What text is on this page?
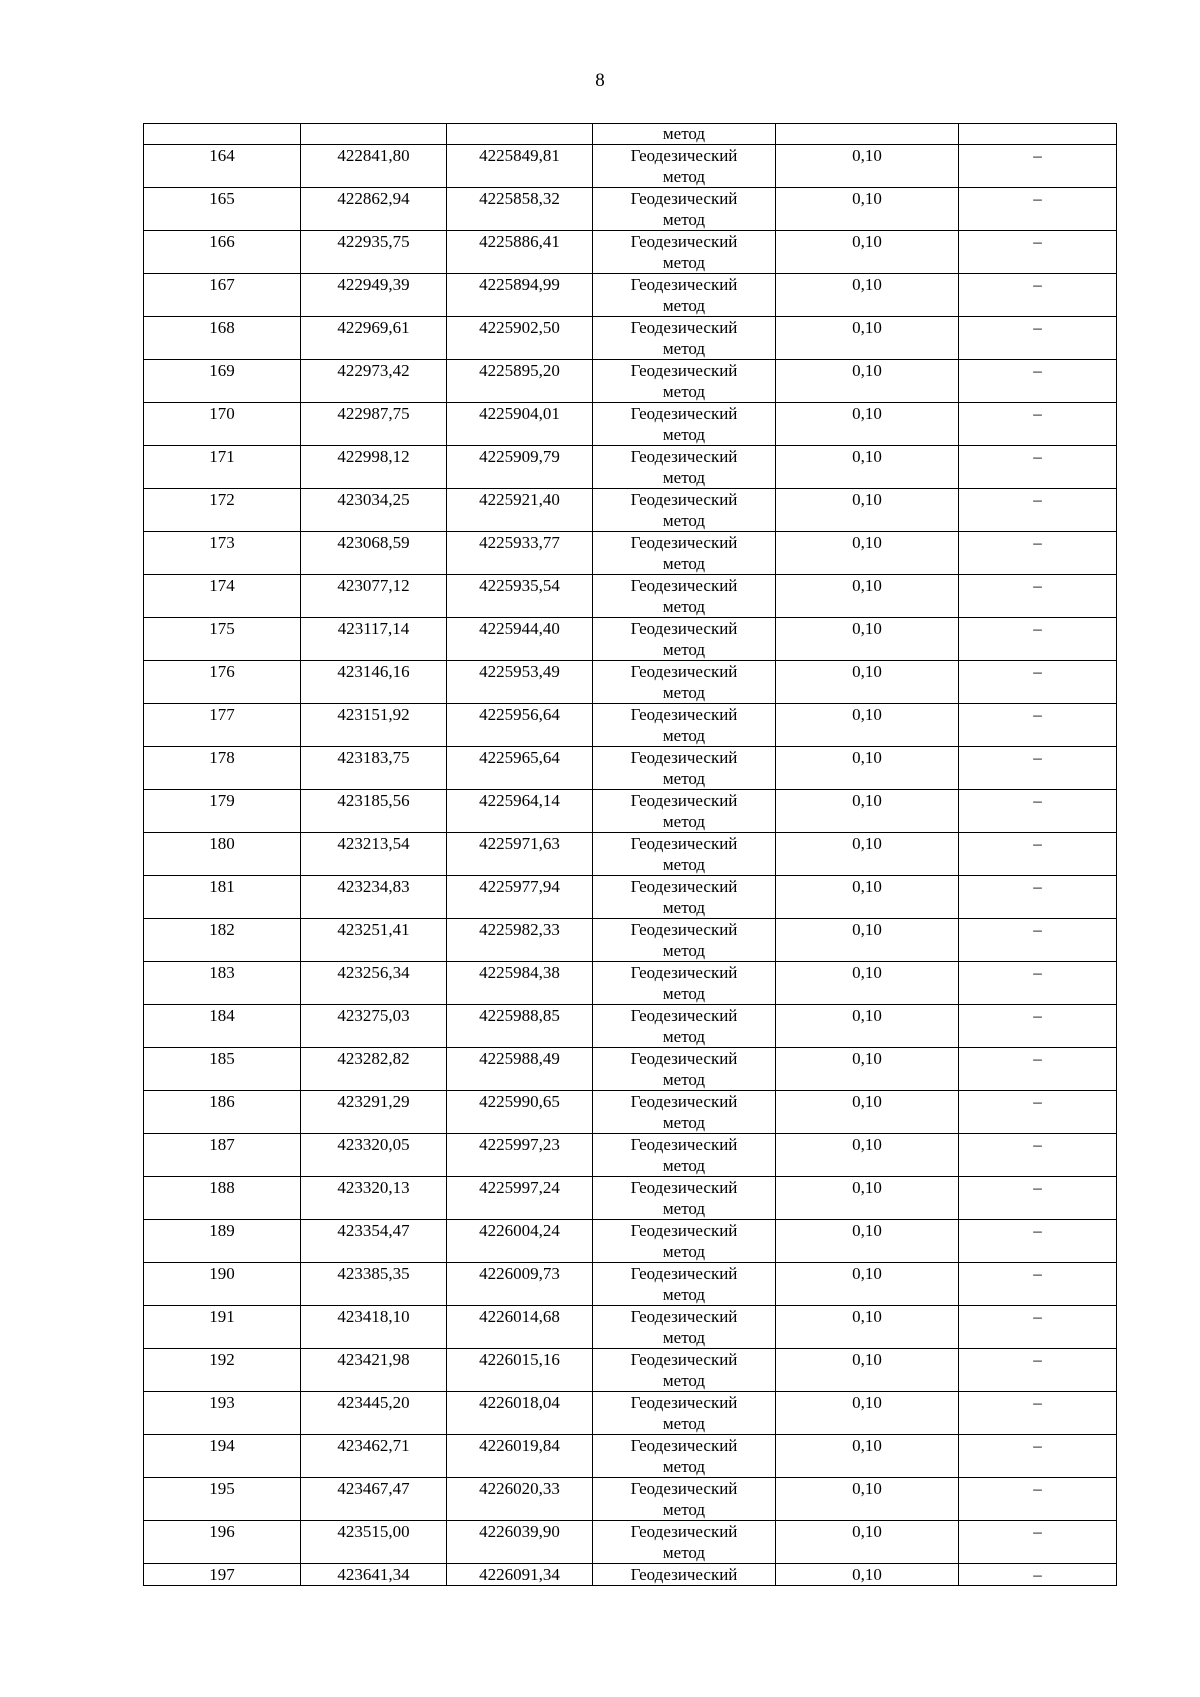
8
			метод		
164	422841,80	4225849,81	Геодезический
метод	0,10	–
165	422862,94	4225858,32	Геодезический
метод	0,10	–
166	422935,75	4225886,41	Геодезический
метод	0,10	–
167	422949,39	4225894,99	Геодезический
метод	0,10	–
168	422969,61	4225902,50	Геодезический
метод	0,10	–
169	422973,42	4225895,20	Геодезический
метод	0,10	–
170	422987,75	4225904,01	Геодезический
метод	0,10	–
171	422998,12	4225909,79	Геодезический
метод	0,10	–
172	423034,25	4225921,40	Геодезический
метод	0,10	–
173	423068,59	4225933,77	Геодезический
метод	0,10	–
174	423077,12	4225935,54	Геодезический
метод	0,10	–
175	423117,14	4225944,40	Геодезический
метод	0,10	–
176	423146,16	4225953,49	Геодезический
метод	0,10	–
177	423151,92	4225956,64	Геодезический
метод	0,10	–
178	423183,75	4225965,64	Геодезический
метод	0,10	–
179	423185,56	4225964,14	Геодезический
метод	0,10	–
180	423213,54	4225971,63	Геодезический
метод	0,10	–
181	423234,83	4225977,94	Геодезический
метод	0,10	–
182	423251,41	4225982,33	Геодезический
метод	0,10	–
183	423256,34	4225984,38	Геодезический
метод	0,10	–
184	423275,03	4225988,85	Геодезический
метод	0,10	–
185	423282,82	4225988,49	Геодезический
метод	0,10	–
186	423291,29	4225990,65	Геодезический
метод	0,10	–
187	423320,05	4225997,23	Геодезический
метод	0,10	–
188	423320,13	4225997,24	Геодезический
метод	0,10	–
189	423354,47	4226004,24	Геодезический
метод	0,10	–
190	423385,35	4226009,73	Геодезический
метод	0,10	–
191	423418,10	4226014,68	Геодезический
метод	0,10	–
192	423421,98	4226015,16	Геодезический
метод	0,10	–
193	423445,20	4226018,04	Геодезический
метод	0,10	–
194	423462,71	4226019,84	Геодезический
метод	0,10	–
195	423467,47	4226020,33	Геодезический
метод	0,10	–
196	423515,00	4226039,90	Геодезический
метод	0,10	–
197	423641,34	4226091,34	Геодезический	0,10	–
